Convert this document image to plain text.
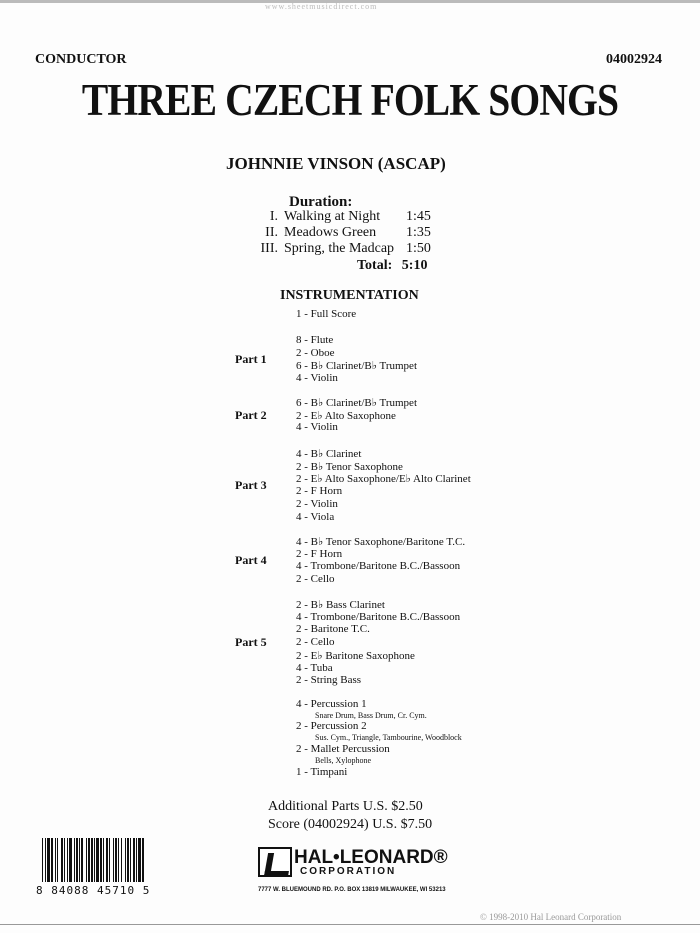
www.sheetmusicdirect.com
CONDUCTOR	04002924
THREE CZECH FOLK SONGS
JOHNNIE VINSON (ASCAP)
Duration:
I. Walking at Night 1:45
II. Meadows Green 1:35
III. Spring, the Madcap 1:50
Total: 5:10
INSTRUMENTATION
1 - Full Score
8 - Flute
2 - Oboe
6 - B♭ Clarinet/B♭ Trumpet
4 - Violin
Part 1
6 - B♭ Clarinet/B♭ Trumpet
2 - E♭ Alto Saxophone
4 - Violin
Part 2
4 - B♭ Clarinet
2 - B♭ Tenor Saxophone
2 - E♭ Alto Saxophone/E♭ Alto Clarinet
2 - F Horn
2 - Violin
4 - Viola
Part 3
4 - B♭ Tenor Saxophone/Baritone T.C.
2 - F Horn
4 - Trombone/Baritone B.C./Bassoon
2 - Cello
Part 4
2 - B♭ Bass Clarinet
4 - Trombone/Baritone B.C./Bassoon
2 - Baritone T.C.
2 - Cello
2 - E♭ Baritone Saxophone
4 - Tuba
2 - String Bass
Part 5
4 - Percussion 1
Snare Drum, Bass Drum, Cr. Cym.
2 - Percussion 2
Sus. Cym., Triangle, Tambourine, Woodblock
2 - Mallet Percussion
Bells, Xylophone
1 - Timpani
Additional Parts U.S. $2.50
Score (04002924) U.S. $7.50
8 84088 45710 5
HAL•LEONARD®
CORPORATION
7777 W. BLUEMOUND RD. P.O. BOX 13819 MILWAUKEE, WI 53213
© 1998-2010 Hal Leonard Corporation
